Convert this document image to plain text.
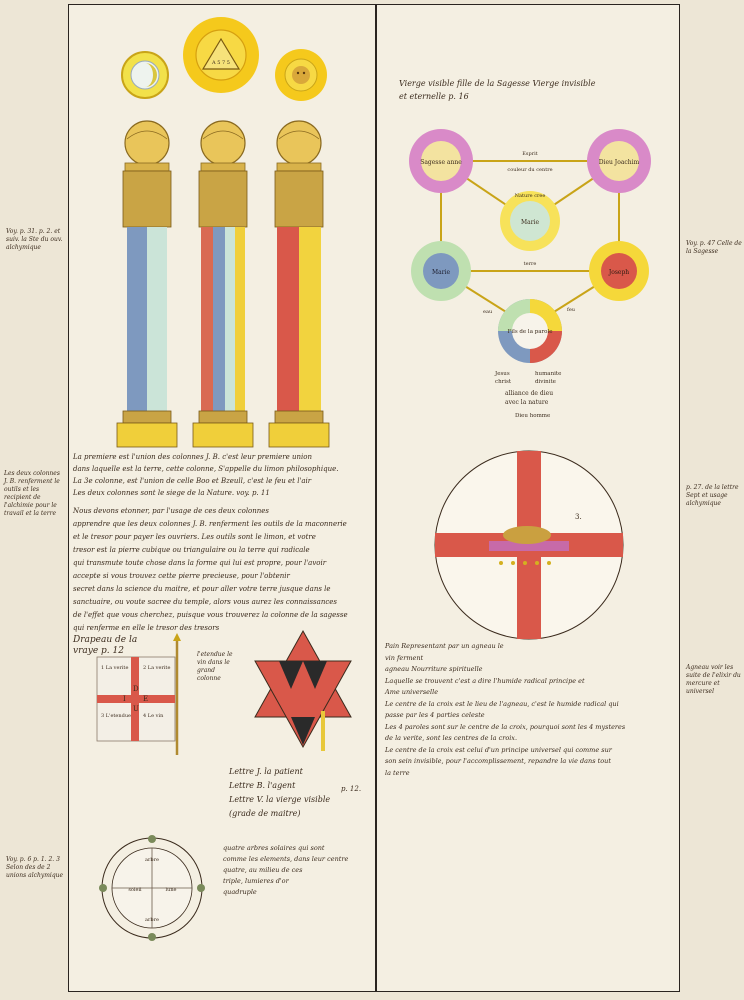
Voy. p. 31. p. 2. et suiv. la Ste du ouv. alchymique
Les deux colonnes J. B. renferment le outils et les recipient de l'alchimie pour le travail et la terre
Voy. p. 6 p. 1. 2. 3 Selon des de 2 unions alchymique
Voy. p. 47 Celle de la Sagesse
p. 27. de la lettre Sept et usage alchymique
Agneau voir les suite de l'elixir du mercure et universel
A 5 7 5
La premiere est l'union des colonnes J. B. c'est leur premiere union
dans laquelle est la terre, cette colonne, S'appelle du limon philosophique.
La 3e colonne, est l'union de celle Boo et Bzeull, c'est le feu et l'air
Les deux colonnes sont le siege de la Nature. voy. p. 11
Nous devons etonner, par l'usage de ces deux colonnes
apprendre que les deux colonnes J. B. renferment les outils de la maconnerie
et le tresor pour payer les ouvriers. Les outils sont le limon, et votre
tresor est la pierre cubique ou triangulaire ou la terre qui radicale
qui transmute toute chose dans la forme qui lui est propre, pour l'avoir
accepte si vous trouvez cette pierre precieuse, pour l'obtenir
secret dans la science du maitre, et pour aller votre terre jusque dans le
sanctuaire, ou voute sacree du temple, alors vous aurez les connaissances
de l'effet que vous cherchez, puisque vous trouverez la colonne de la sagesse
qui renferme en elle le tresor des tresors
Drapeau de la
vraye p. 12
1 La verite	2 La verite
3 L'etendue 4 Le vin
D
I E
U
l'etendue le vin dans le grand colonne
Lettre J. la patient
Lettre B. l'agent
Lettre V. la vierge visible
(grade de maitre)
p. 12.
arbre
soleil	lune
arbre
quatre arbres solaires qui sont
comme les elements, dans leur centre
quatre, au milieu de ces
triple, lumieres d'or
quadruple
Vierge visible fille de la Sagesse Vierge invisible
et eternelle p. 16
Sagesse anne	Dieu Joachim
Marie
Nature cree
Marie	Joseph
Fils de la parole
Esprit
couleur du centre
terre
eau	feu
Jesus	humanite
christ	divinite
alliance de dieu
avec la nature
Dieu homme
3.
Pain Representant par un agneau le
vin ferment
agneau Nourriture spirituelle
Laquelle se trouvent c'est a dire l'humide radical principe et
Ame universelle
Le centre de la croix est le lieu de l'agneau, c'est le humide radical qui
passe par les 4 parties celeste
Les 4 paroles sont sur le centre de la croix, pourquoi sont les 4 mysteres
de la verite, sont les centres de la croix.
Le centre de la croix est celui d'un principe universel qui comme sur
son sein invisible, pour l'accomplissement, repandre la vie dans tout
la terre
